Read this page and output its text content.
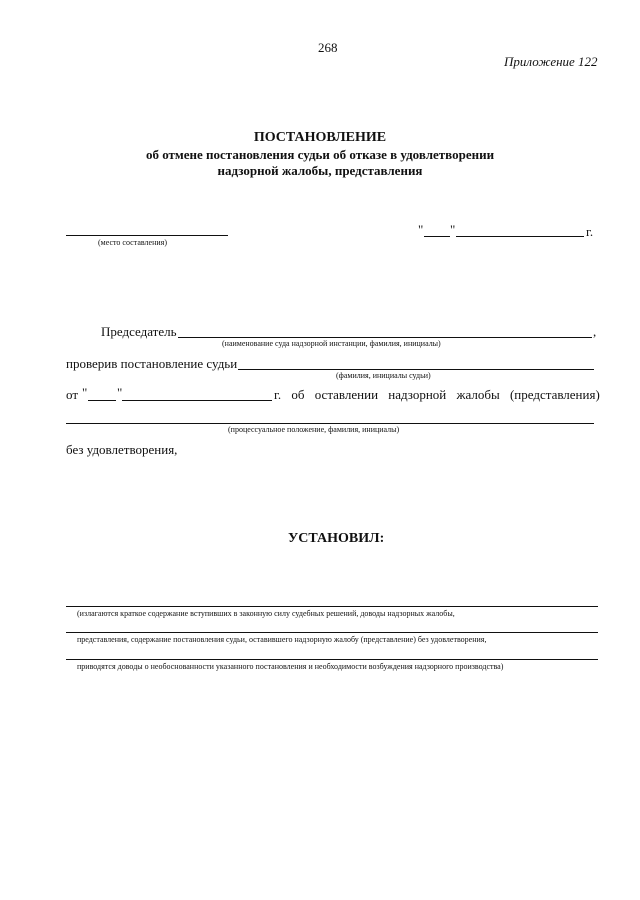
268
Приложение 122
ПОСТАНОВЛЕНИЕ
об отмене постановления судьи об отказе в удовлетворении
надзорной жалобы, представления
(место составления)
" "	г.
Председатель	,
(наименование суда надзорной инстанции, фамилия, инициалы)
проверив постановление судьи
(фамилия, инициалы судьи)
от " "	г. об оставлении надзорной жалобы (представления)
(процессуальное положение, фамилия, инициалы)
без удовлетворения,
УСТАНОВИЛ:
(излагаются краткое содержание вступивших в законную силу судебных решений, доводы надзорных жалобы,
представления, содержание постановления судьи, оставившего надзорную жалобу (представление) без удовлетворения,
приводятся доводы о необоснованности указанного постановления и необходимости возбуждения надзорного производства)
